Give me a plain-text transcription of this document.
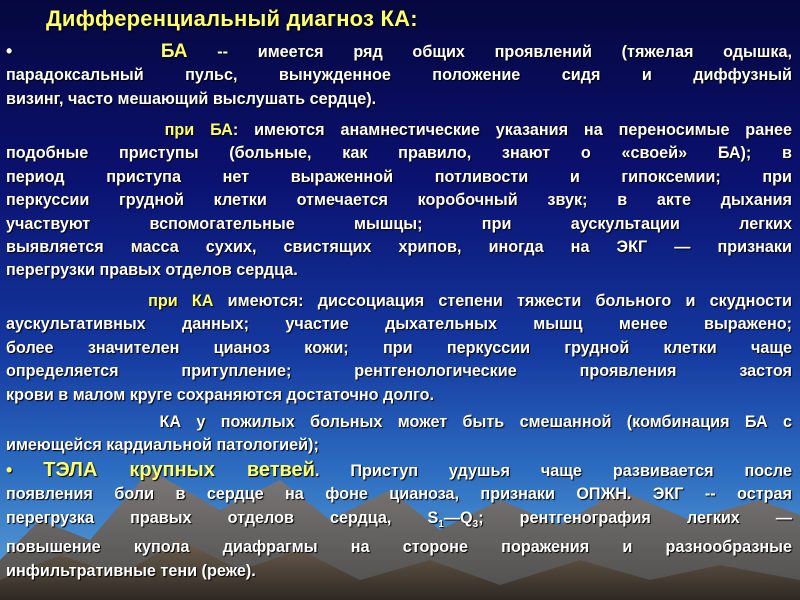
Дифференциальный диагноз КА:
•	БА -- имеется ряд общих проявлений (тяжелая одышка,
парадоксальный пульс, вынужденное положение сидя и диффузный
визинг, часто мешающий выслушать сердце).
при БА: имеются анамнестические указания на переносимые ранее
подобные приступы (больные, как правило, знают о «своей» БА); в
период приступа нет выраженной потливости и гипоксемии; при
перкуссии грудной клетки отмечается коробочный звук; в акте дыхания
участвуют вспомогательные мышцы; при аускультации легких
выявляется масса сухих, свистящих хрипов, иногда на ЭКГ — признаки
перегрузки правых отделов сердца.
при КА имеются: диссоциация степени тяжести больного и скудности
аускультативных данных; участие дыхательных мышц менее выражено;
более значителен цианоз кожи; при перкуссии грудной клетки чаще
определяется притупление; рентгенологические проявления застоя
крови в малом круге сохраняются достаточно долго.
КА у пожилых больных может быть смешанной (комбинация БА с
имеющейся кардиальной патологией);
• ТЭЛА крупных ветвей. Приступ удушья чаще развивается после
появления боли в сердце на фоне цианоза, признаки ОПЖН. ЭКГ -- острая
перегрузка правых отделов сердца, $S_1—Q_3$; рентгенография легких —
повышение купола диафрагмы на стороне поражения и разнообразные
инфильтративные тени (реже).
